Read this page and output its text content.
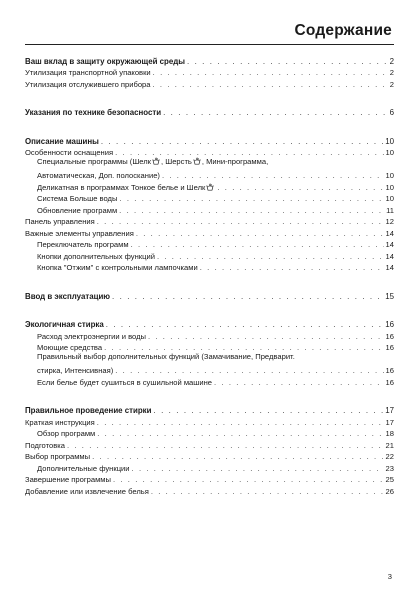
Содержание
Ваш вклад в защиту окружающей среды . . .	2
Утилизация транспортной упаковки . . .	2
Утилизация отслужившего прибора . . .	2
Указания по технике безопасности . . .	6
Описание машины . . .	10
Особенности оснащения . . .	10
Специальные программы (Шелк , Шерсть , Мини-программа,
Автоматическая, Доп. полоскание) . . .	10
Деликатная в программах Тонкое белье и Шелк . . .	10
Система Больше воды . . .	10
Обновление программ . . .	11
Панель управления . . .	12
Важные элементы управления . . .	14
Переключатель программ . . .	14
Кнопки дополнительных функций . . .	14
Кнопка "Отжим" с контрольными лампочками . . .	14
Ввод в эксплуатацию . . .	15
Экологичная стирка . . .	16
Расход электроэнергии и воды . . .	16
Моющие средства . . .	16
Правильный выбор дополнительных функций (Замачивание, Предварит.
стирка, Интенсивная) . . .	16
Если белье будет сушиться в сушильной машине . . .	16
Правильное проведение стирки . . .	17
Краткая инструкция . . .	17
Обзор программ . . .	18
Подготовка . . .	21
Выбор программы . . .	22
Дополнительные функции . . .	23
Завершение программы . . .	25
Добавление или извлечение белья . . .	26
3
